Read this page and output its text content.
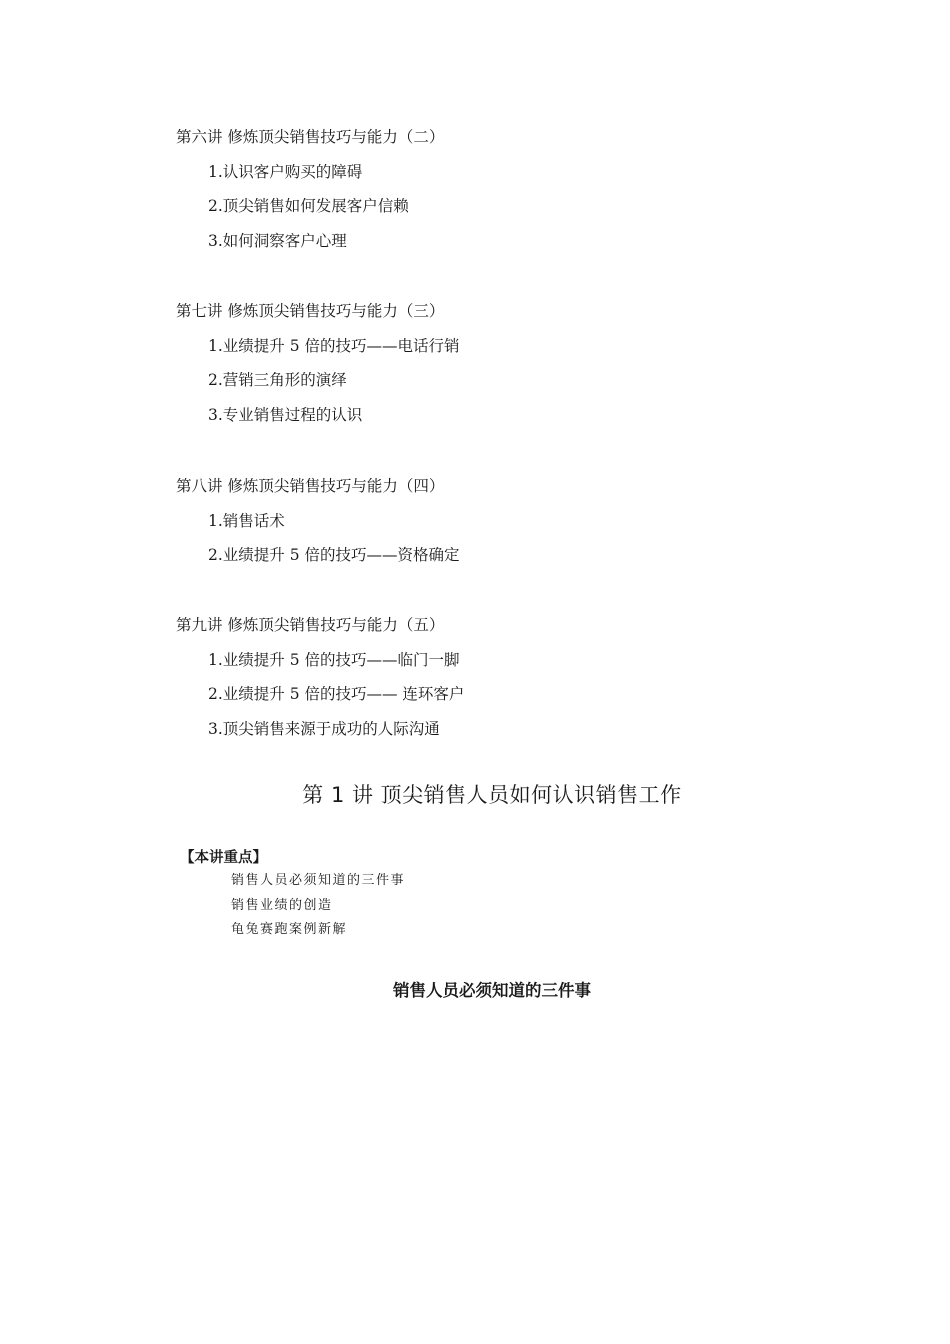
第六讲 修炼顶尖销售技巧与能力（二）

1.认识客户购买的障碍
2.顶尖销售如何发展客户信赖
3.如何洞察客户心理

第七讲 修炼顶尖销售技巧与能力（三）

1.业绩提升 5 倍的技巧——电话行销
2.营销三角形的演绎
3.专业销售过程的认识

第八讲 修炼顶尖销售技巧与能力（四）

1.销售话术
2.业绩提升 5 倍的技巧——资格确定

第九讲 修炼顶尖销售技巧与能力（五）

1.业绩提升 5 倍的技巧——临门一脚
2.业绩提升 5 倍的技巧—— 连环客户
3.顶尖销售来源于成功的人际沟通
第 1 讲 顶尖销售人员如何认识销售工作

【本讲重点】

销售人员必须知道的三件事
销售业绩的创造
龟兔赛跑案例新解
销售人员必须知道的三件事
